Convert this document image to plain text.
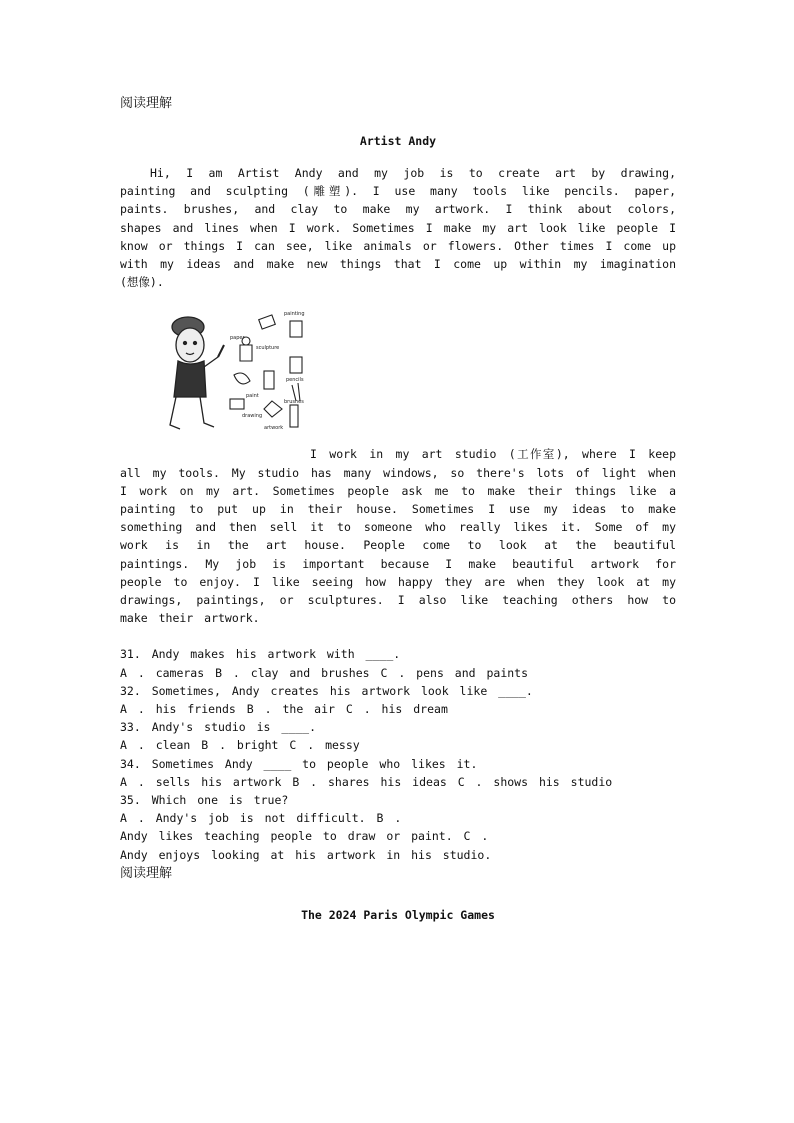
阅读理解
Artist Andy

Hi, I am Artist Andy and my job is to create art by drawing, painting and sculpting (雕塑). I use many tools like pencils. paper, paints. brushes, and clay to make my artwork. I think about colors, shapes and lines when I work. Sometimes I make my art look like people I know or things I can see, like animals or flowers. Other times I come up with my ideas and make new things that I come up within my imagination (想像).

painting
paper
sculpture
pencils
paint
brushes
drawing
artwork

I work in my art studio (工作室), where I keep all my tools. My studio has many windows, so there's lots of light when I work on my art. Sometimes people ask me to make their things like a painting to put up in their house. Sometimes I use my ideas to make something and then sell it to someone who really likes it. Some of my work is in the art house. People come to look at the beautiful paintings. My job is important because I make beautiful artwork for people to enjoy. I like seeing how happy they are when they look at my drawings, paintings, or sculptures. I also like teaching others how to make their artwork.

31. Andy makes his artwork with ____.
A . cameras B . clay and brushes C . pens and paints
32. Sometimes, Andy creates his artwork look like ____.
A . his friends B . the air C . his dream
33. Andy's studio is ____.
A . clean B . bright C . messy
34. Sometimes Andy ____ to people who likes it.
A . sells his artwork B . shares his ideas C . shows his studio
35. Which one is true?
A . Andy's job is not difficult. B .
Andy likes teaching people to draw or paint. C .
Andy enjoys looking at his artwork in his studio.
阅读理解
The 2024 Paris Olympic Games
